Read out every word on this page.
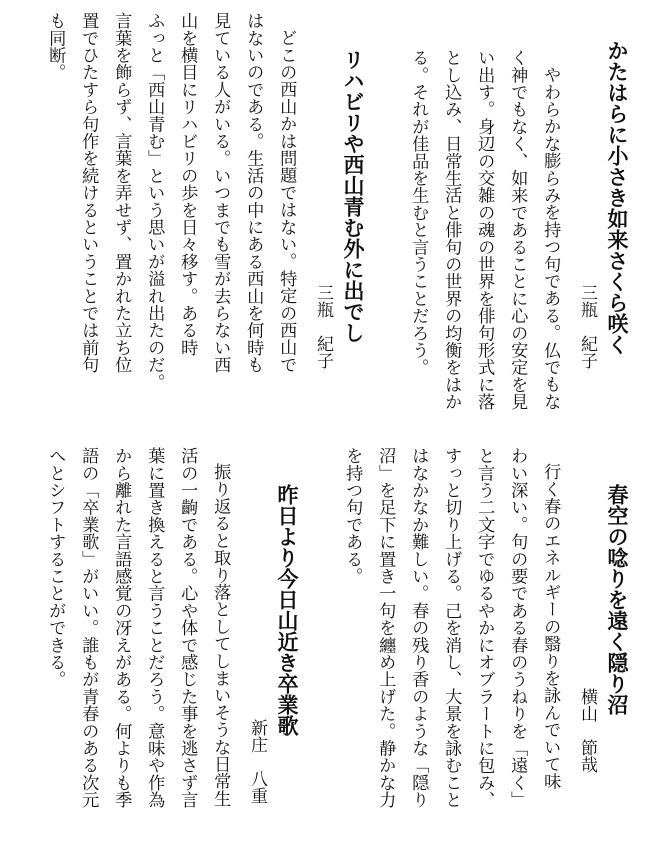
かたはらに小さき如来さくら咲く
三瓶　紀子
やわらかな膨らみを持つ句である。仏でもな
く神でもなく、如来であることに心の安定を見
い出す。身辺の交雑の魂の世界を俳句形式に落
とし込み、日常生活と俳句の世界の均衡をはか
る。それが佳品を生むと言うことだろう。
リハビリや西山青む外に出でし
三瓶　紀子
どこの西山かは問題ではない。特定の西山で
はないのである。生活の中にある西山を何時も
見ている人がいる。いつまでも雪が去らない西
山を横目にリハビリの歩を日々移す。ある時
ふっと「西山青む」という思いが溢れ出たのだ。
言葉を飾らず、言葉を弄せず、置かれた立ち位
置でひたすら句作を続けるということでは前句
も同断。
春空の唸りを遠く隠り沼
横山　節哉
行く春のエネルギーの翳りを詠んでいて味
わい深い。句の要である春のうねりを「遠く」
と言う二文字でゆるやかにオブラートに包み、
すっと切り上げる。己を消し、大景を詠むこと
はなかなか難しい。春の残り香のような「隠り
沼」を足下に置き一句を纏め上げた。静かな力
を持つ句である。
昨日より今日山近き卒業歌
新庄　八重
振り返ると取り落としてしまいそうな日常生
活の一齣である。心や体で感じた事を逃さず言
葉に置き換えると言うことだろう。意味や作為
から離れた言語感覚の冴えがある。何よりも季
語の「卒業歌」がいい。誰もが青春のある次元
へとシフトすることができる。
